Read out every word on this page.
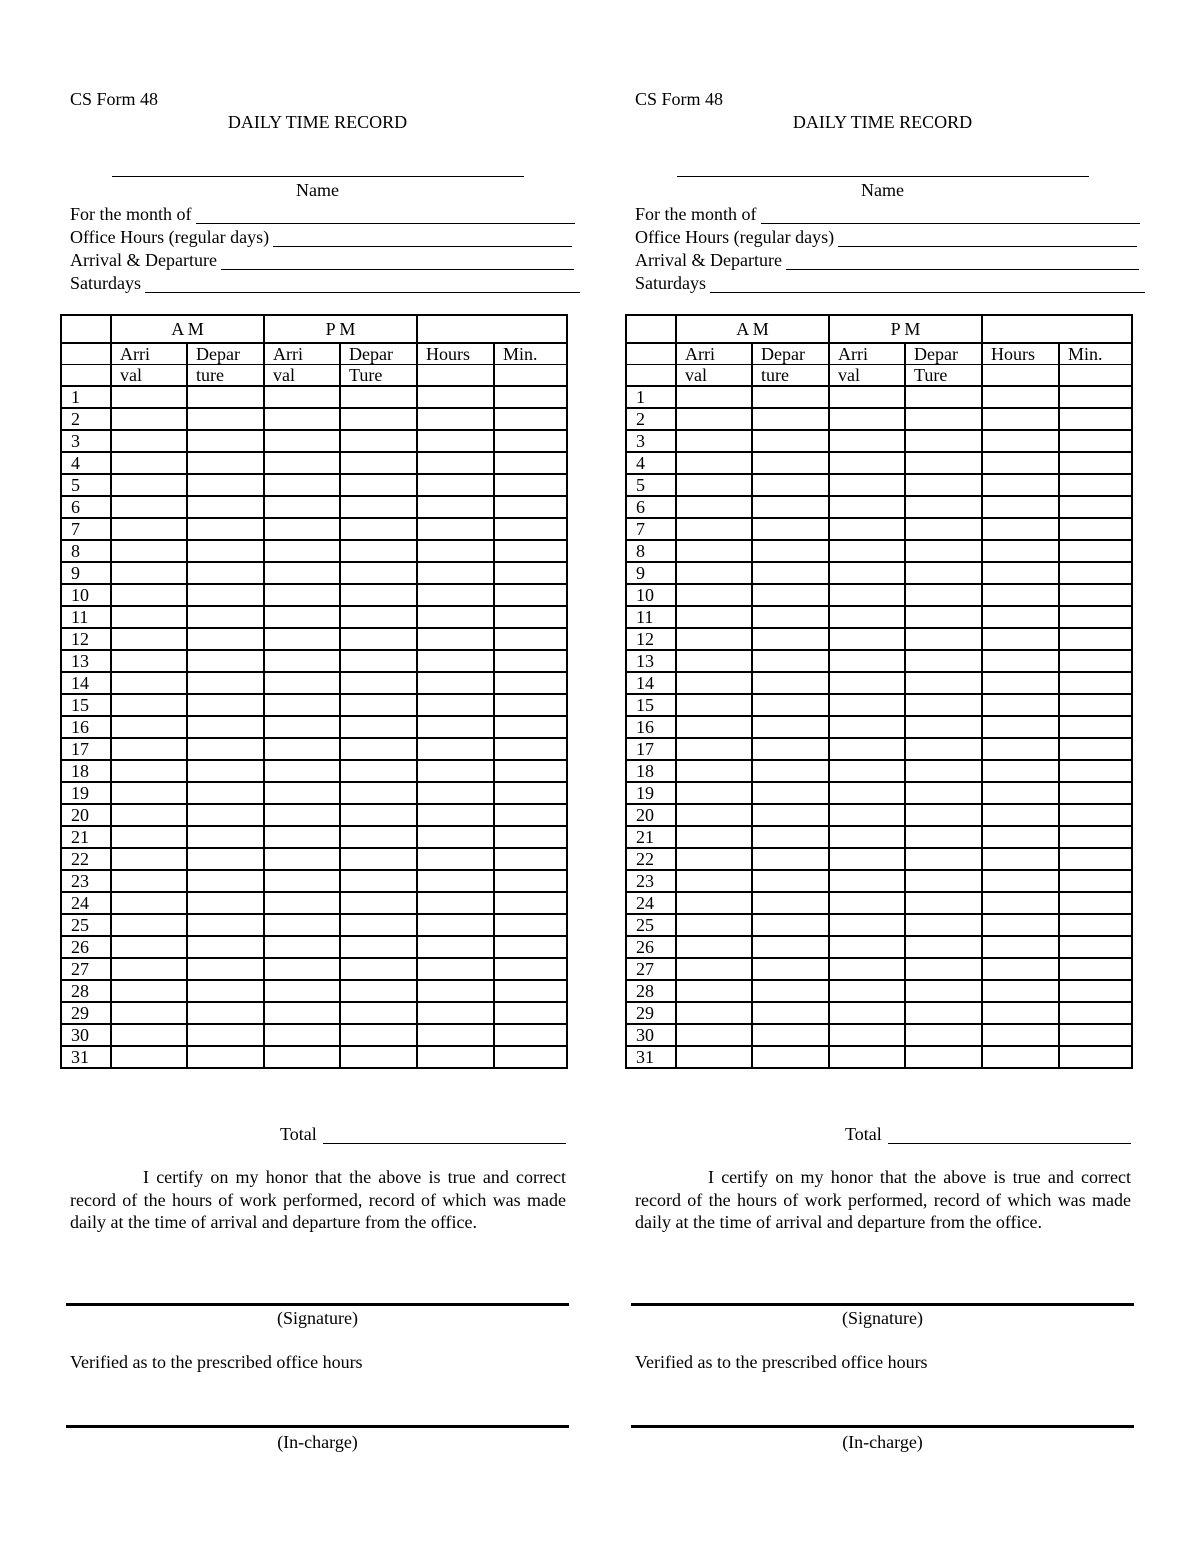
CS Form 48
DAILY TIME RECORD
Name
For the month of
Office Hours (regular days)
Arrival & Departure
Saturdays
	A M		P M			
	Arri	Depar	Arri	Depar	Hours	Min.
	val	ture	val	Ture		
1						
2						
3						
4						
5						
6						
7						
8						
9						
10						
11						
12						
13						
14						
15						
16						
17						
18						
19						
20						
21						
22						
23						
24						
25						
26						
27						
28						
29						
30						
31						
Total

I certify on my honor that the above is true and correct record of the hours of work performed, record of which was made daily at the time of arrival and departure from the office.

(Signature)
Verified as to the prescribed office hours
(In-charge)
CS Form 48
DAILY TIME RECORD
Name
For the month of
Office Hours (regular days)
Arrival & Departure
Saturdays
	A M		P M			
	Arri	Depar	Arri	Depar	Hours	Min.
	val	ture	val	Ture		
1						
2						
3						
4						
5						
6						
7						
8						
9						
10						
11						
12						
13						
14						
15						
16						
17						
18						
19						
20						
21						
22						
23						
24						
25						
26						
27						
28						
29						
30						
31						
Total

I certify on my honor that the above is true and correct record of the hours of work performed, record of which was made daily at the time of arrival and departure from the office.

(Signature)
Verified as to the prescribed office hours
(In-charge)
